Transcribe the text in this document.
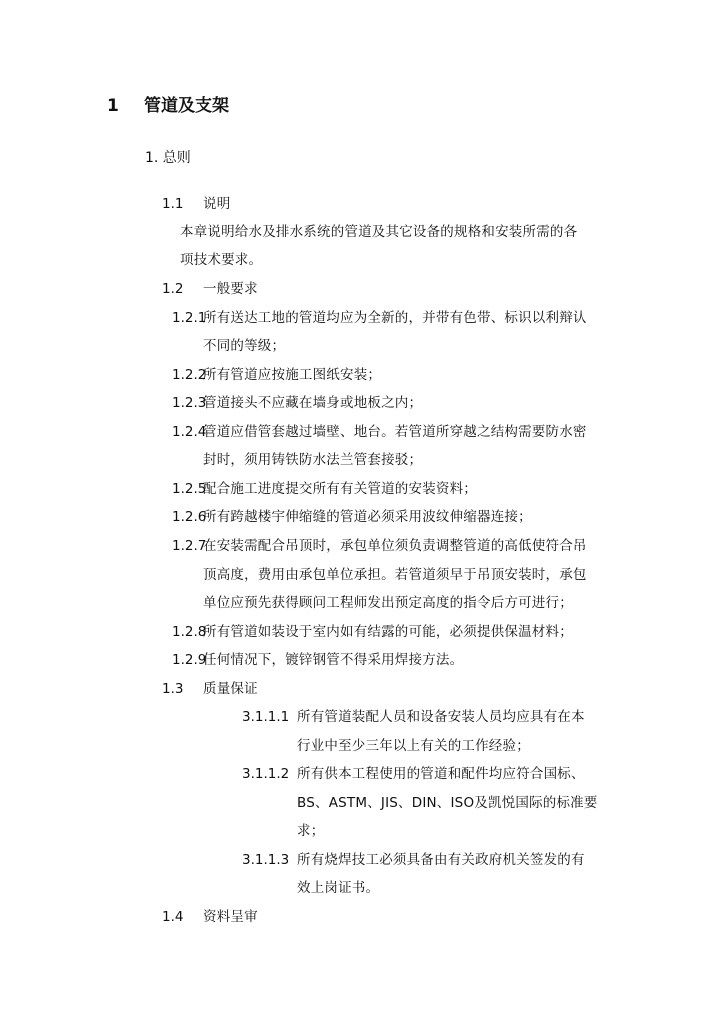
1 管道及支架
1. 总则
1.1 说明
本章说明给水及排水系统的管道及其它设备的规格和安装所需的各
项技术要求。
1.2 一般要求
1.2.1
所有送达工地的管道均应为全新的，并带有色带、标识以利辩认
不同的等级；
1.2.2
所有管道应按施工图纸安装；
1.2.3
管道接头不应藏在墙身或地板之内；
1.2.4
管道应借管套越过墙壁、地台。若管道所穿越之结构需要防水密
封时，须用铸铁防水法兰管套接驳；
1.2.5
配合施工进度提交所有有关管道的安装资料；
1.2.6
所有跨越楼宇伸缩缝的管道必须采用波纹伸缩器连接；
1.2.7
在安装需配合吊顶时，承包单位须负责调整管道的高低使符合吊
顶高度，费用由承包单位承担。若管道须早于吊顶安装时，承包
单位应预先获得顾问工程师发出预定高度的指令后方可进行；
1.2.8
所有管道如装设于室内如有结露的可能，必须提供保温材料；
1.2.9
任何情况下，镀锌钢管不得采用焊接方法。
1.3 质量保证
3.1.1.1 所有管道装配人员和设备安装人员均应具有在本
行业中至少三年以上有关的工作经验；
3.1.1.2 所有供本工程使用的管道和配件均应符合国标、
BS、ASTM、JIS、DIN、ISO及凯悦国际的标准要
求；
3.1.1.3 所有烧焊技工必须具备由有关政府机关签发的有
效上岗证书。
1.4 资料呈审
